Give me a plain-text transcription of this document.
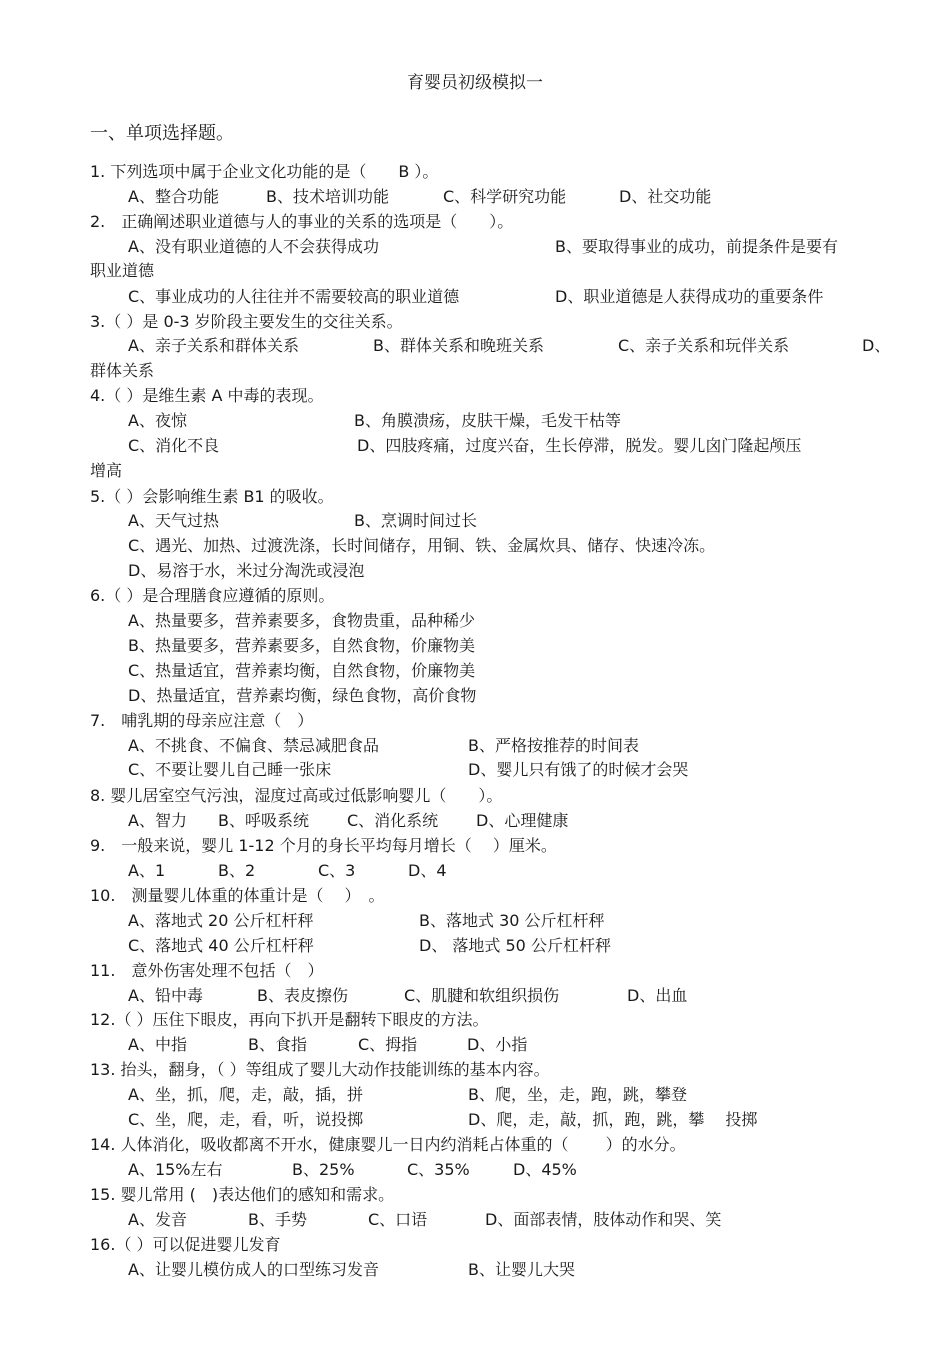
育婴员初级模拟一
一、单项选择题。
1. 下列选项中属于企业文化功能的是（　　B ）。
A、整合功能	B、技术培训功能	C、科学研究功能	D、社交功能
2.　正确阐述职业道德与人的事业的关系的选项是（　　）。
A、没有职业道德的人不会获得成功	B、要取得事业的成功，前提条件是要有
职业道德
C、事业成功的人往往并不需要较高的职业道德	D、职业道德是人获得成功的重要条件
3.（ ）是 0-3 岁阶段主要发生的交往关系。
A、亲子关系和群体关系	B、群体关系和晚班关系	C、亲子关系和玩伴关系	D、
群体关系
4.（ ）是维生素 A 中毒的表现。
A、夜惊	B、角膜溃疡，皮肤干燥，毛发干枯等
C、消化不良	D、四肢疼痛，过度兴奋，生长停滞，脱发。婴儿囟门隆起颅压
增高
5.（ ）会影响维生素 B1 的吸收。
A、天气过热	B、烹调时间过长
C、遇光、加热、过渡洗涤，长时间储存，用铜、铁、金属炊具、储存、快速冷冻。
D、易溶于水，米过分淘洗或浸泡
6.（ ）是合理膳食应遵循的原则。
A、热量要多，营养素要多，食物贵重，品种稀少
B、热量要多，营养素要多，自然食物，价廉物美
C、热量适宜，营养素均衡，自然食物，价廉物美
D、热量适宜，营养素均衡，绿色食物，高价食物
7.　哺乳期的母亲应注意（　）
A、不挑食、不偏食、禁忌减肥食品	B、严格按推荐的时间表
C、不要让婴儿自己睡一张床	D、婴儿只有饿了的时候才会哭
8. 婴儿居室空气污浊，湿度过高或过低影响婴儿（　　）。
A、智力 B、呼吸系统 C、消化系统 D、心理健康
9.　一般来说，婴儿 1-12 个月的身长平均每月增长（　 ）厘米。
A、1	B、2	C、3	D、4
10.　测量婴儿体重的体重计是（　 ）　。
A、落地式 20 公斤杠杆秤	B、落地式 30 公斤杠杆秤
C、落地式 40 公斤杠杆秤	D、 落地式 50 公斤杠杆秤
11.　意外伤害处理不包括（　）
A、铅中毒	B、表皮擦伤	C、肌腱和软组织损伤	D、出血
12.（ ）压住下眼皮，再向下扒开是翻转下眼皮的方法。
A、中指	B、食指	C、拇指	D、小指
13. 抬头，翻身，（ ）等组成了婴儿大动作技能训练的基本内容。
A、坐，抓，爬，走，敲，插，拼	B、爬，坐，走，跑，跳，攀登
C、坐，爬，走，看，听，说投掷	D、爬，走，敲，抓，跑，跳，攀　 投掷
14. 人体消化，吸收都离不开水，健康婴儿一日内约消耗占体重的（　　 ）的水分。
A、15%左右	B、25%	C、35%	D、45%
15. 婴儿常用 (　)表达他们的感知和需求。
A、发音	B、手势	C、口语	D、面部表情，肢体动作和哭、笑
16.（ ）可以促进婴儿发育
A、让婴儿模仿成人的口型练习发音	B、让婴儿大哭
